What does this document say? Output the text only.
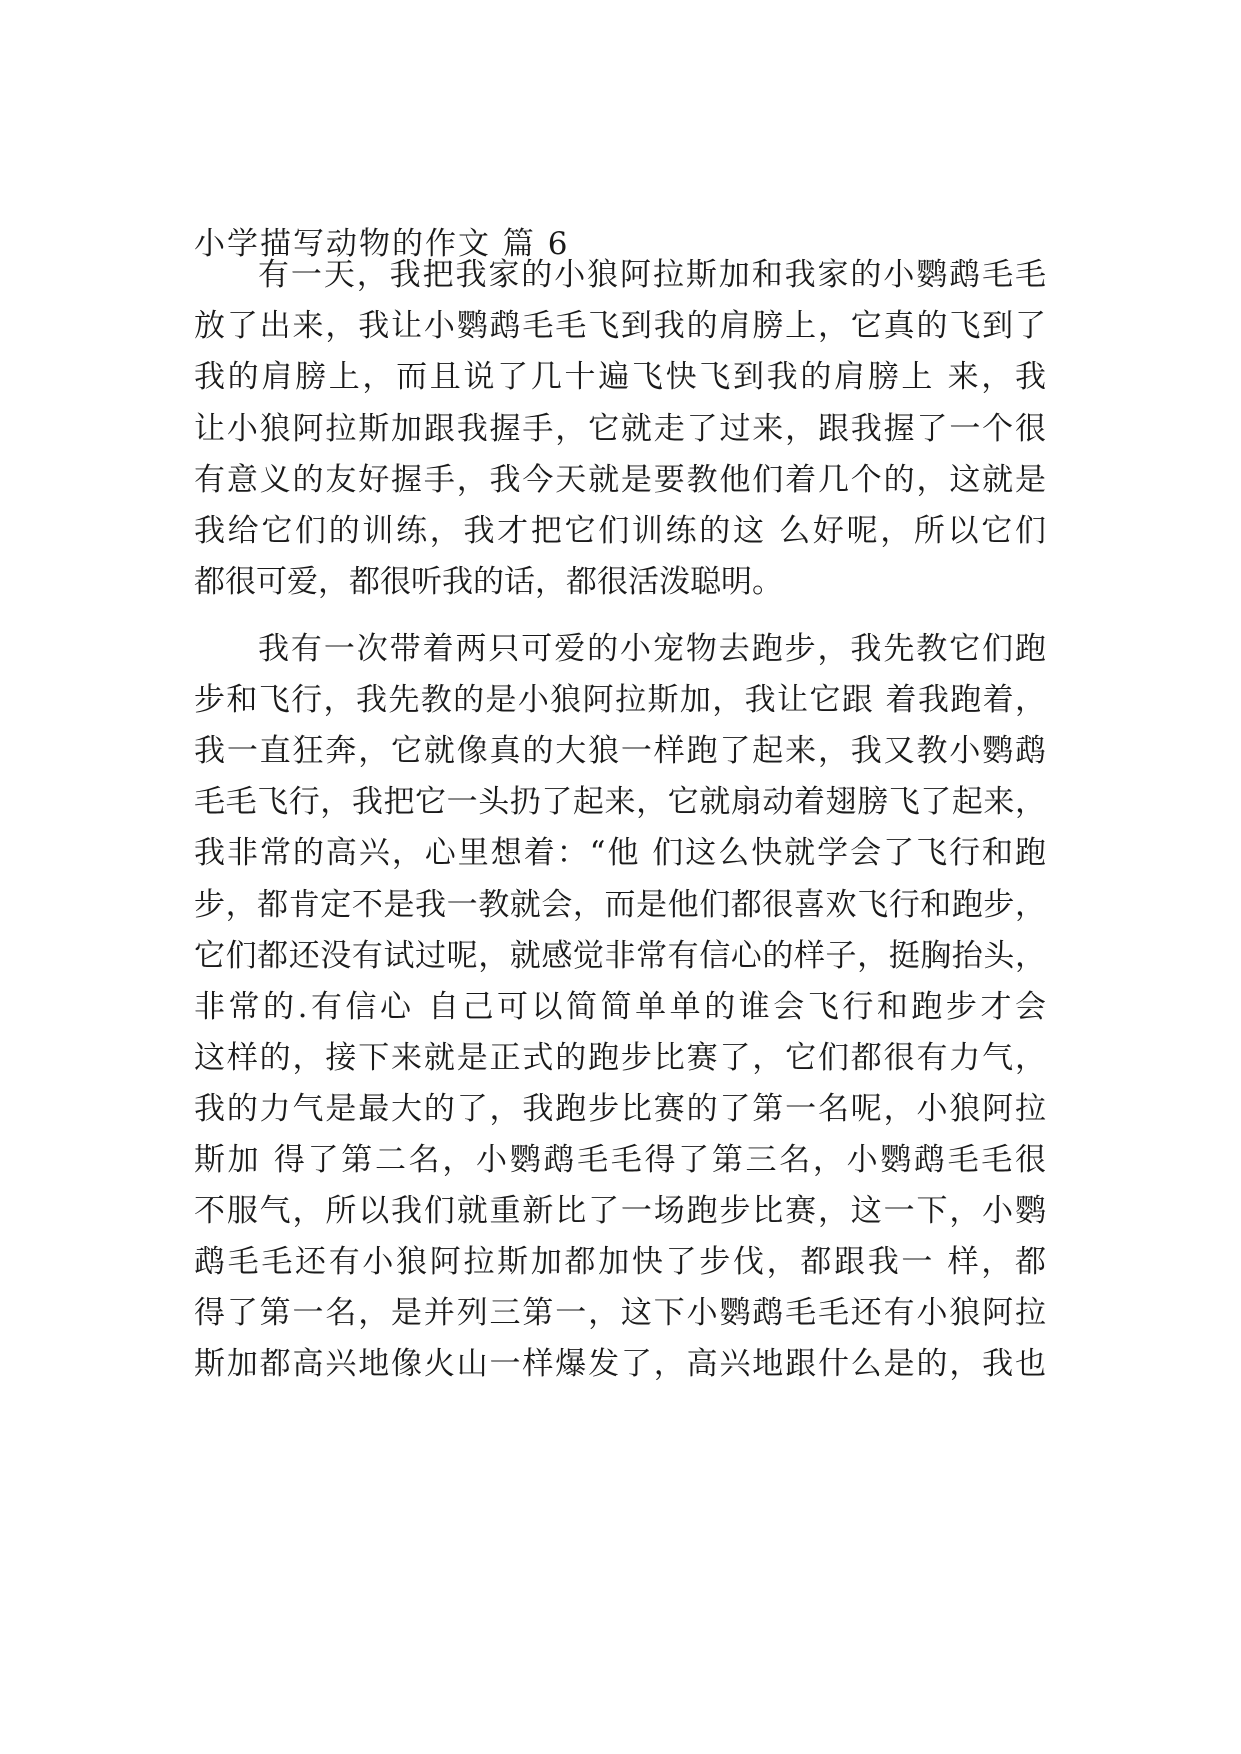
小学描写动物的作文 篇 6
有一天，我把我家的小狼阿拉斯加和我家的小鹦鹉毛毛
放了出来，我让小鹦鹉毛毛飞到我的肩膀上，它真的飞到了
我的肩膀上，而且说了几十遍飞快飞到我的肩膀上 来，我
让小狼阿拉斯加跟我握手，它就走了过来，跟我握了一个很
有意义的友好握手，我今天就是要教他们着几个的，这就是
我给它们的训练，我才把它们训练的这 么好呢，所以它们
都很可爱，都很听我的话，都很活泼聪明。
我有一次带着两只可爱的小宠物去跑步，我先教它们跑
步和飞行，我先教的是小狼阿拉斯加，我让它跟 着我跑着，
我一直狂奔，它就像真的大狼一样跑了起来，我又教小鹦鹉
毛毛飞行，我把它一头扔了起来，它就扇动着翅膀飞了起来，
我非常的高兴，心里想着：“他 们这么快就学会了飞行和跑
步，都肯定不是我一教就会，而是他们都很喜欢飞行和跑步，
它们都还没有试过呢，就感觉非常有信心的样子，挺胸抬头，
非常的.有信心 自己可以简简单单的谁会飞行和跑步才会
这样的，接下来就是正式的跑步比赛了，它们都很有力气，
我的力气是最大的了，我跑步比赛的了第一名呢，小狼阿拉
斯加 得了第二名，小鹦鹉毛毛得了第三名，小鹦鹉毛毛很
不服气，所以我们就重新比了一场跑步比赛，这一下，小鹦
鹉毛毛还有小狼阿拉斯加都加快了步伐，都跟我一 样，都
得了第一名，是并列三第一，这下小鹦鹉毛毛还有小狼阿拉
斯加都高兴地像火山一样爆发了，高兴地跟什么是的，我也
